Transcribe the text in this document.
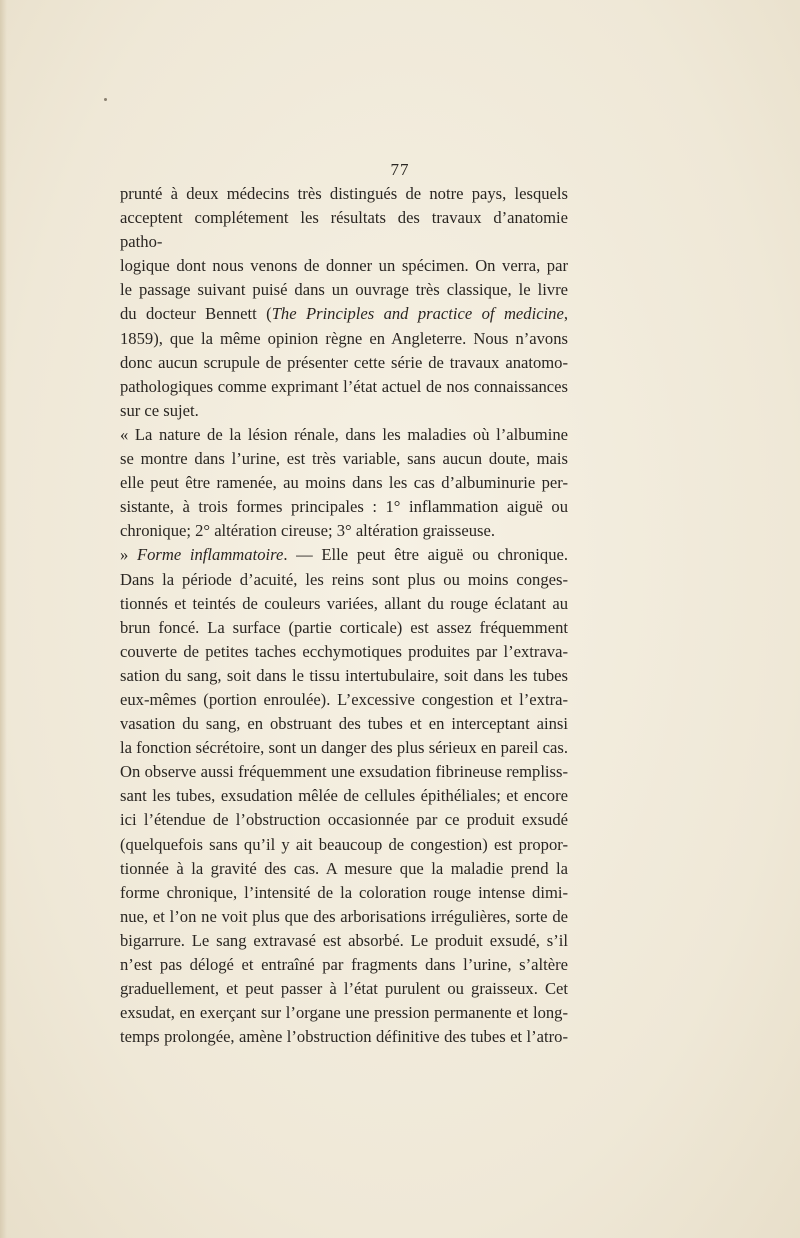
77

prunté à deux médecins très distingués de notre pays, lesquels

acceptent complétement les résultats des travaux d’anatomie patho-

logique dont nous venons de donner un spécimen. On verra, par

le passage suivant puisé dans un ouvrage très classique, le livre

du docteur Bennett (The Principles and practice of medicine,

1859), que la même opinion règne en Angleterre. Nous n’avons

donc aucun scrupule de présenter cette série de travaux anatomo-

pathologiques comme exprimant l’état actuel de nos connaissances

sur ce sujet.

« La nature de la lésion rénale, dans les maladies où l’albumine

se montre dans l’urine, est très variable, sans aucun doute, mais

elle peut être ramenée, au moins dans les cas d’albuminurie per-

sistante, à trois formes principales : 1° inflammation aiguë ou

chronique; 2° altération cireuse; 3° altération graisseuse.

» Forme inflammatoire. — Elle peut être aiguë ou chronique.

Dans la période d’acuité, les reins sont plus ou moins conges-

tionnés et teintés de couleurs variées, allant du rouge éclatant au

brun foncé. La surface (partie corticale) est assez fréquemment

couverte de petites taches ecchymotiques produites par l’extrava-

sation du sang, soit dans le tissu intertubulaire, soit dans les tubes

eux-mêmes (portion enroulée). L’excessive congestion et l’extra-

vasation du sang, en obstruant des tubes et en interceptant ainsi

la fonction sécrétoire, sont un danger des plus sérieux en pareil cas.

On observe aussi fréquemment une exsudation fibrineuse rempliss-

sant les tubes, exsudation mêlée de cellules épithéliales; et encore

ici l’étendue de l’obstruction occasionnée par ce produit exsudé

(quelquefois sans qu’il y ait beaucoup de congestion) est propor-

tionnée à la gravité des cas. A mesure que la maladie prend la

forme chronique, l’intensité de la coloration rouge intense dimi-

nue, et l’on ne voit plus que des arborisations irrégulières, sorte de

bigarrure. Le sang extravasé est absorbé. Le produit exsudé, s’il

n’est pas délogé et entraîné par fragments dans l’urine, s’altère

graduellement, et peut passer à l’état purulent ou graisseux. Cet

exsudat, en exerçant sur l’organe une pression permanente et long-

temps prolongée, amène l’obstruction définitive des tubes et l’atro-
